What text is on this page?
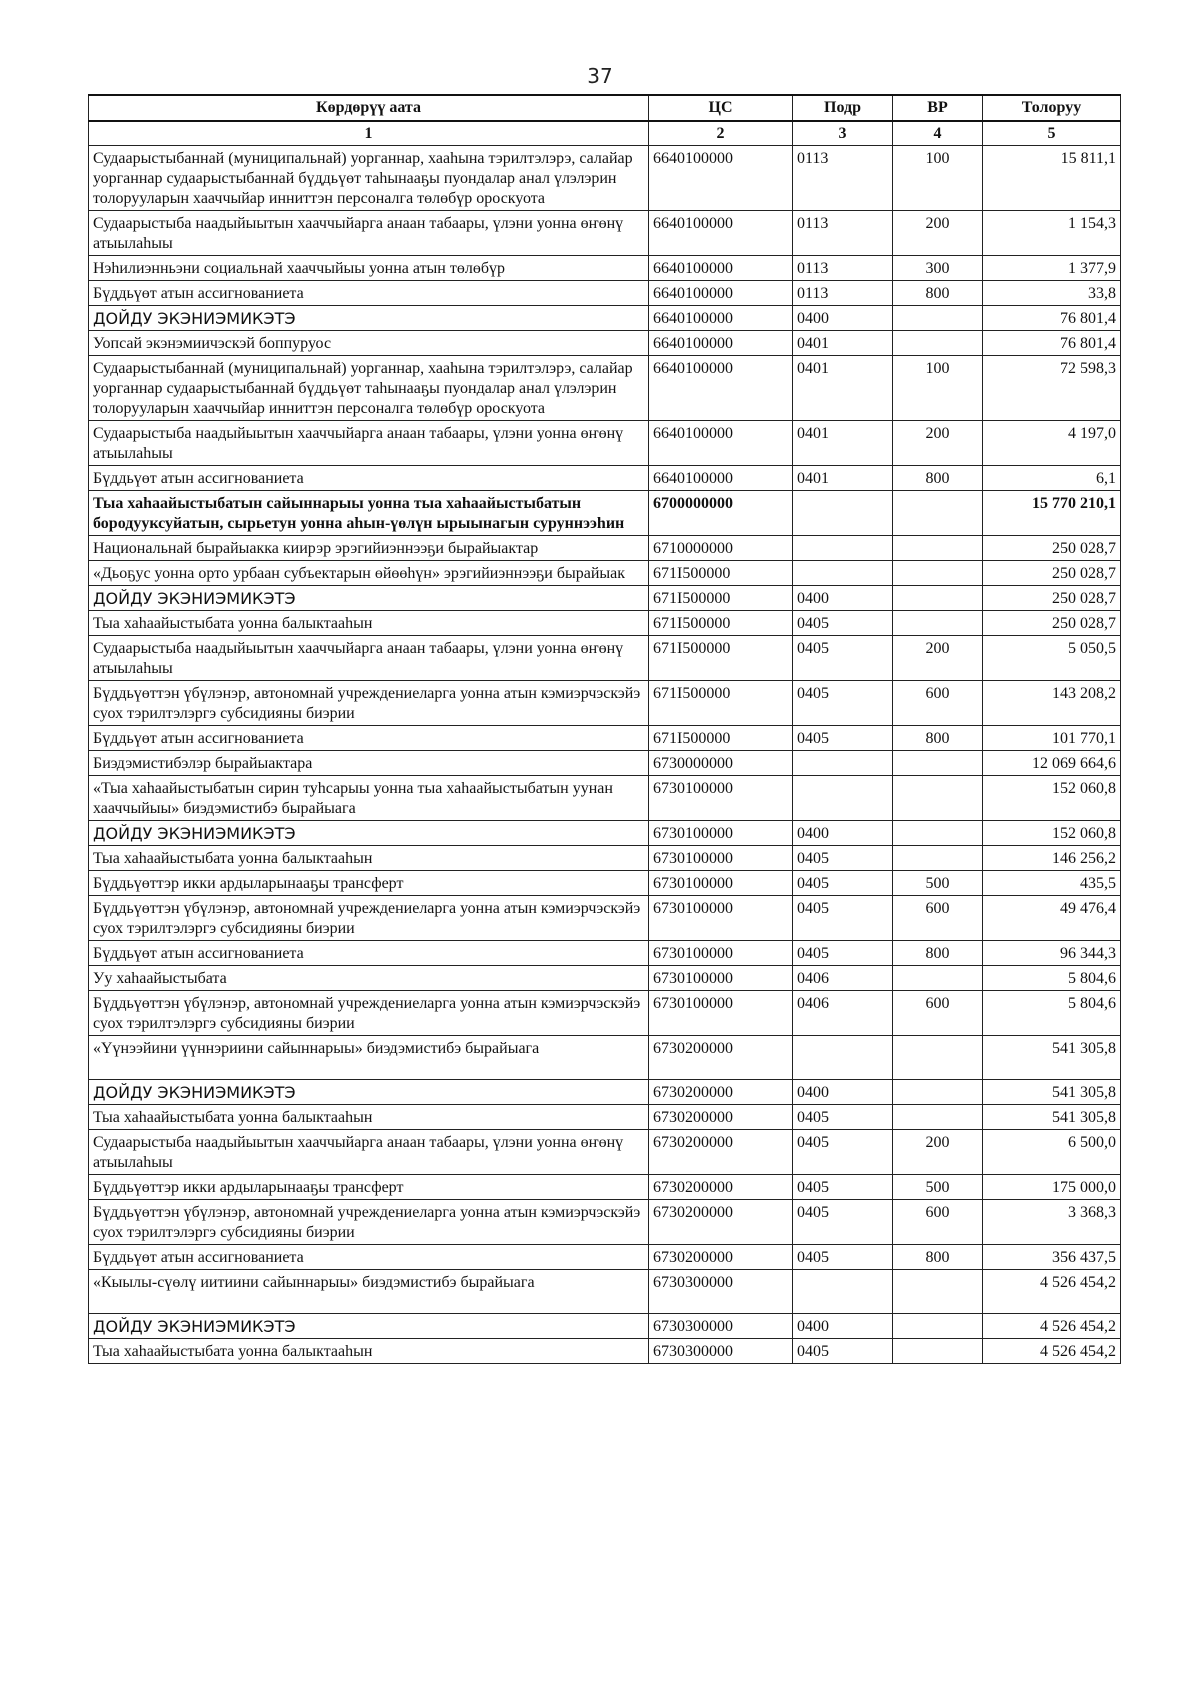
37
Көрдөрүү аата	ЦС	Подр	ВР	Толоруу
1	2	3	4	5
Судаарыстыбаннай (муниципальнай) уорганнар, хааһына тэрилтэлэрэ, салайар уорганнар судаарыстыбаннай бүддьүөт таһынааҕы пуондалар анал үлэлэрин толорууларын хааччыйар инниттэн персоналга төлөбүр ороскуота	6640100000	0113	100	15 811,1
Судаарыстыба наадыйыытын хааччыйарга анаан табаары, үлэни уонна өҥөнү атыылаһыы	6640100000	0113	200	1 154,3
Нэһилиэнньэни социальнай хааччыйыы уонна атын төлөбүр	6640100000	0113	300	1 377,9
Бүддьүөт атын ассигнованиета	6640100000	0113	800	33,8
ДОЙДУ ЭКЭНИЭМИКЭТЭ	6640100000	0400		76 801,4
Уопсай экэнэмиичэскэй боппуруос	6640100000	0401		76 801,4
Судаарыстыбаннай (муниципальнай) уорганнар, хааһына тэрилтэлэрэ, салайар уорганнар судаарыстыбаннай бүддьүөт таһынааҕы пуондалар анал үлэлэрин толорууларын хааччыйар инниттэн персоналга төлөбүр ороскуота	6640100000	0401	100	72 598,3
Судаарыстыба наадыйыытын хааччыйарга анаан табаары, үлэни уонна өҥөнү атыылаһыы	6640100000	0401	200	4 197,0
Бүддьүөт атын ассигнованиета	6640100000	0401	800	6,1
Тыа хаһаайыстыбатын сайыннарыы уонна тыа хаһаайыстыбатын бородууксуйатын, сырьетун уонна аһын-үөлүн ырыынагын суруннээһин	6700000000			15 770 210,1
Национальнай бырайыакка киирэр эрэгийиэннээҕи бырайыактар	6710000000			250 028,7
«Дьоҕус уонна орто урбаан субъектарын өйөөһүн» эрэгийиэннээҕи бырайыак	671I500000			250 028,7
ДОЙДУ ЭКЭНИЭМИКЭТЭ	671I500000	0400		250 028,7
Тыа хаһаайыстыбата уонна балыктааһын	671I500000	0405		250 028,7
Судаарыстыба наадыйыытын хааччыйарга анаан табаары, үлэни уонна өҥөнү атыылаһыы	671I500000	0405	200	5 050,5
Бүддьүөттэн үбүлэнэр, автономнай учреждениеларга уонна атын кэмиэрчэскэйэ суох тэрилтэлэргэ субсидияны биэрии	671I500000	0405	600	143 208,2
Бүддьүөт атын ассигнованиета	671I500000	0405	800	101 770,1
Биэдэмистибэлэр бырайыактара	6730000000			12 069 664,6
«Тыа хаһаайыстыбатын сирин туһсарыы уонна тыа хаһаайыстыбатын уунан хааччыйыы» биэдэмистибэ бырайыага	6730100000			152 060,8
ДОЙДУ ЭКЭНИЭМИКЭТЭ	6730100000	0400		152 060,8
Тыа хаһаайыстыбата уонна балыктааһын	6730100000	0405		146 256,2
Бүддьүөттэр икки ардыларынааҕы трансферт	6730100000	0405	500	435,5
Бүддьүөттэн үбүлэнэр, автономнай учреждениеларга уонна атын кэмиэрчэскэйэ суох тэрилтэлэргэ субсидияны биэрии	6730100000	0405	600	49 476,4
Бүддьүөт атын ассигнованиета	6730100000	0405	800	96 344,3
Уу хаһаайыстыбата	6730100000	0406		5 804,6
Бүддьүөттэн үбүлэнэр, автономнай учреждениеларга уонна атын кэмиэрчэскэйэ суох тэрилтэлэргэ субсидияны биэрии	6730100000	0406	600	5 804,6
«Үүнээйини үүннэриини сайыннарыы» биэдэмистибэ бырайыага	6730200000			541 305,8
ДОЙДУ ЭКЭНИЭМИКЭТЭ	6730200000	0400		541 305,8
Тыа хаһаайыстыбата уонна балыктааһын	6730200000	0405		541 305,8
Судаарыстыба наадыйыытын хааччыйарга анаан табаары, үлэни уонна өҥөнү атыылаһыы	6730200000	0405	200	6 500,0
Бүддьүөттэр икки ардыларынааҕы трансферт	6730200000	0405	500	175 000,0
Бүддьүөттэн үбүлэнэр, автономнай учреждениеларга уонна атын кэмиэрчэскэйэ суох тэрилтэлэргэ субсидияны биэрии	6730200000	0405	600	3 368,3
Бүддьүөт атын ассигнованиета	6730200000	0405	800	356 437,5
«Кыылы-сүөлү иитиини сайыннарыы» биэдэмистибэ бырайыага	6730300000			4 526 454,2
ДОЙДУ ЭКЭНИЭМИКЭТЭ	6730300000	0400		4 526 454,2
Тыа хаһаайыстыбата уонна балыктааһын	6730300000	0405		4 526 454,2
